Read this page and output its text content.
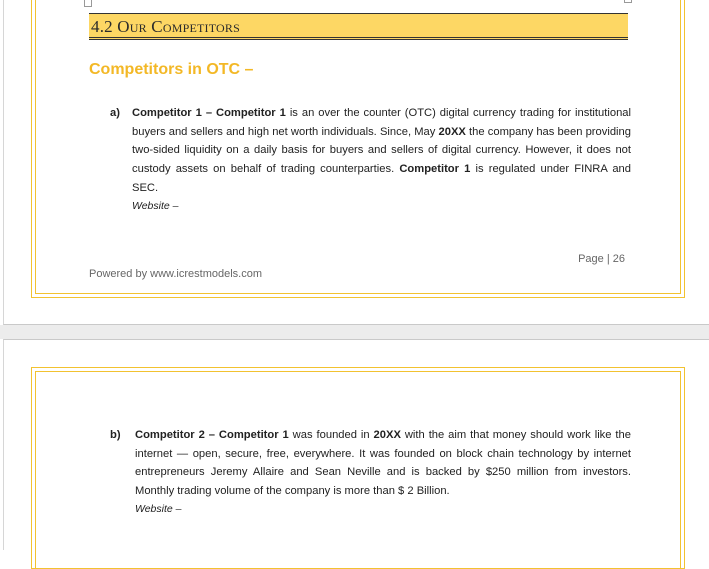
4.2 Our Competitors
Competitors in OTC –
a) Competitor 1 – Competitor 1 is an over the counter (OTC) digital currency trading for institutional buyers and sellers and high net worth individuals. Since, May 20XX the company has been providing two-sided liquidity on a daily basis for buyers and sellers of digital currency. However, it does not custody assets on behalf of trading counterparties. Competitor 1 is regulated under FINRA and SEC.
Website –
Page | 26
Powered by www.icrestmodels.com
b) Competitor 2 – Competitor 1 was founded in 20XX with the aim that money should work like the internet — open, secure, free, everywhere. It was founded on block chain technology by internet entrepreneurs Jeremy Allaire and Sean Neville and is backed by $250 million from investors. Monthly trading volume of the company is more than $ 2 Billion.
Website –
